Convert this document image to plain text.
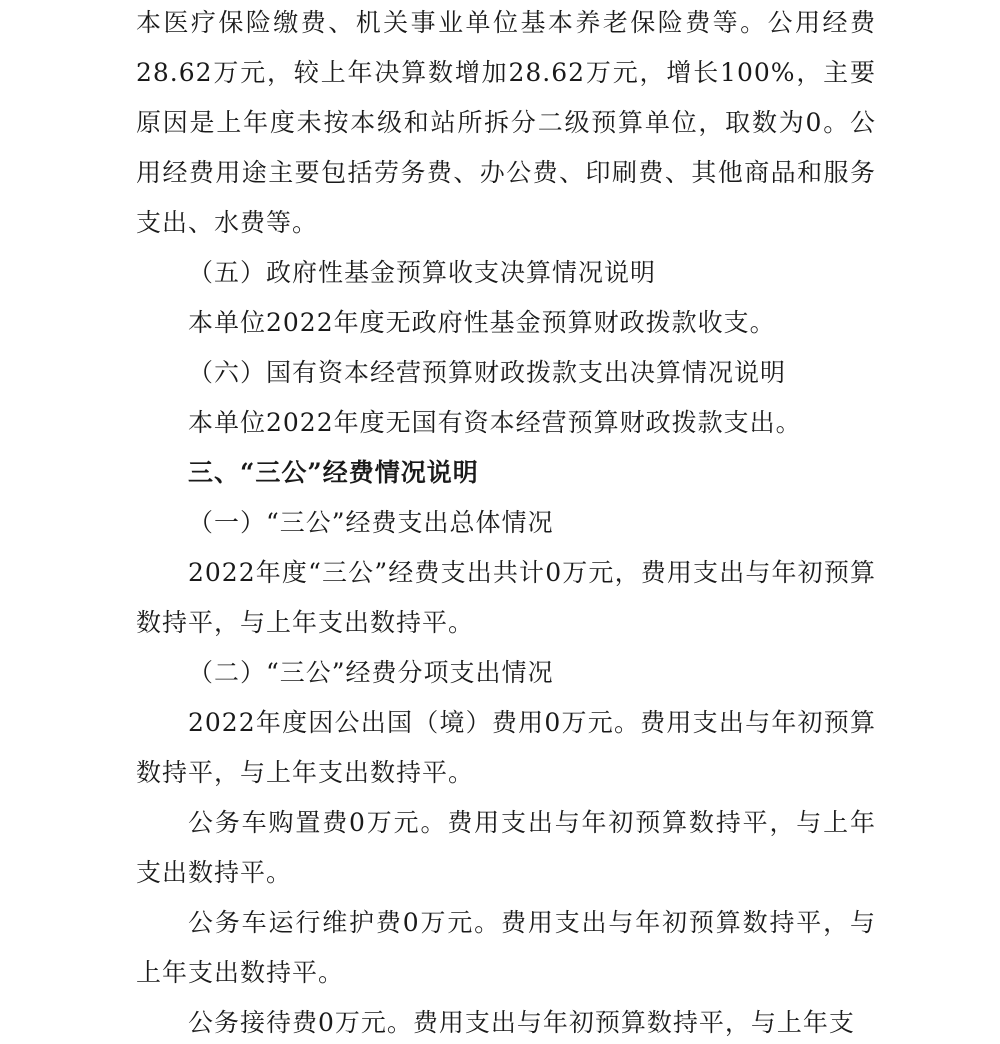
本医疗保险缴费、机关事业单位基本养老保险费等。公用经费28.62万元，较上年决算数增加28.62万元，增长100%，主要原因是上年度未按本级和站所拆分二级预算单位，取数为0。公用经费用途主要包括劳务费、办公费、印刷费、其他商品和服务支出、水费等。

（五）政府性基金预算收支决算情况说明

本单位2022年度无政府性基金预算财政拨款收支。

（六）国有资本经营预算财政拨款支出决算情况说明

本单位2022年度无国有资本经营预算财政拨款支出。

三、“三公”经费情况说明

（一）“三公”经费支出总体情况

2022年度“三公”经费支出共计0万元，费用支出与年初预算数持平，与上年支出数持平。

（二）“三公”经费分项支出情况

2022年度因公出国（境）费用0万元。费用支出与年初预算数持平，与上年支出数持平。

公务车购置费0万元。费用支出与年初预算数持平，与上年支出数持平。

公务车运行维护费0万元。费用支出与年初预算数持平，与上年支出数持平。

公务接待费0万元。费用支出与年初预算数持平，与上年支
